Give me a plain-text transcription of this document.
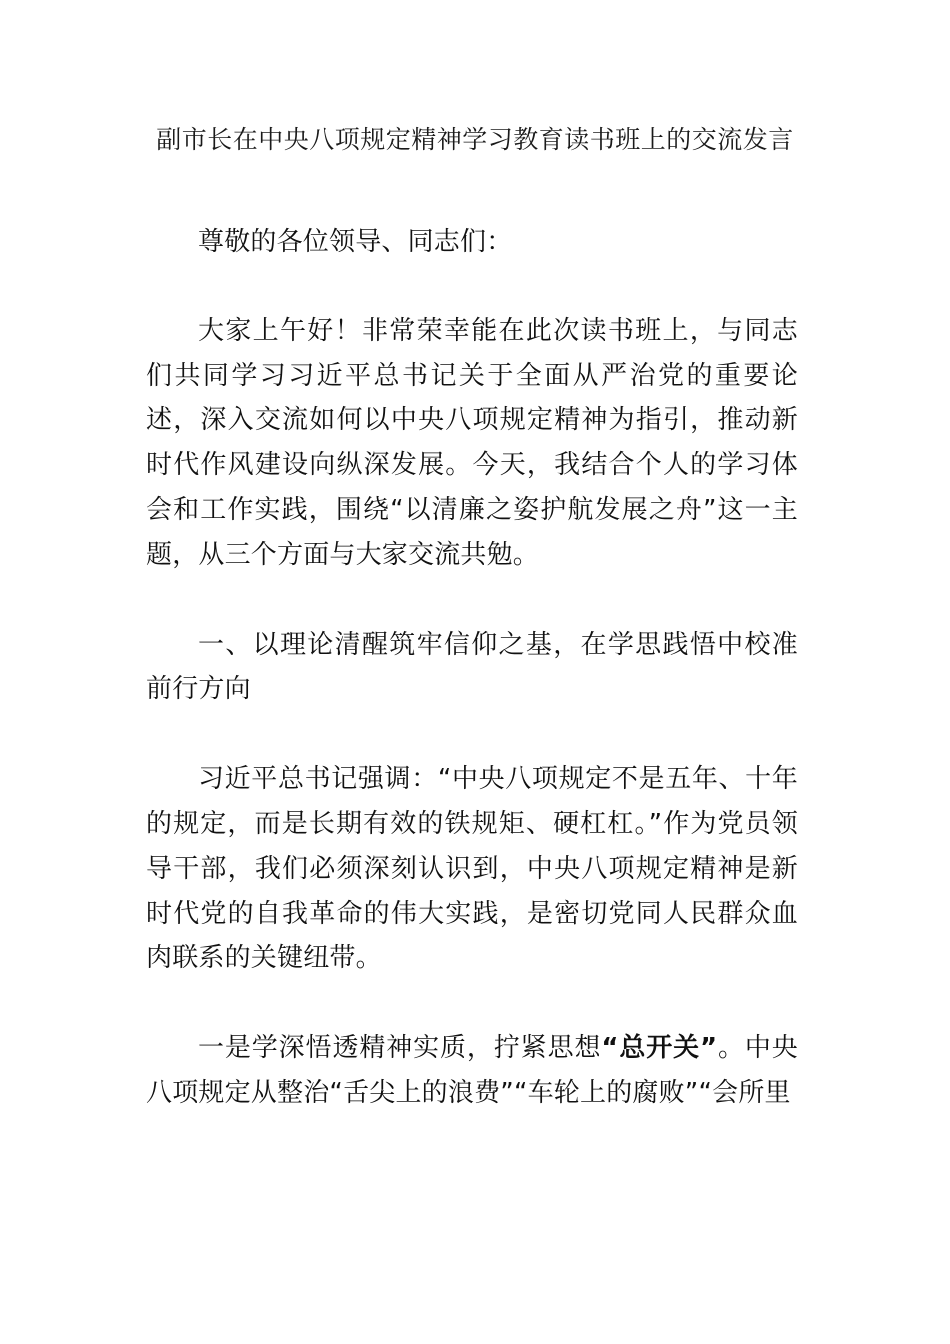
副市长在中央八项规定精神学习教育读书班上的交流发言

尊敬的各位领导、同志们：

大家上午好！非常荣幸能在此次读书班上，与同志们共同学习习近平总书记关于全面从严治党的重要论述，深入交流如何以中央八项规定精神为指引，推动新时代作风建设向纵深发展。今天，我结合个人的学习体会和工作实践，围绕“以清廉之姿护航发展之舟”这一主题，从三个方面与大家交流共勉。

一、以理论清醒筑牢信仰之基，在学思践悟中校准前行方向

习近平总书记强调：“中央八项规定不是五年、十年的规定，而是长期有效的铁规矩、硬杠杠。”作为党员领导干部，我们必须深刻认识到，中央八项规定精神是新时代党的自我革命的伟大实践，是密切党同人民群众血肉联系的关键纽带。

一是学深悟透精神实质，拧紧思想“总开关”。中央八项规定从整治“舌尖上的浪费”“车轮上的腐败”“会所里
